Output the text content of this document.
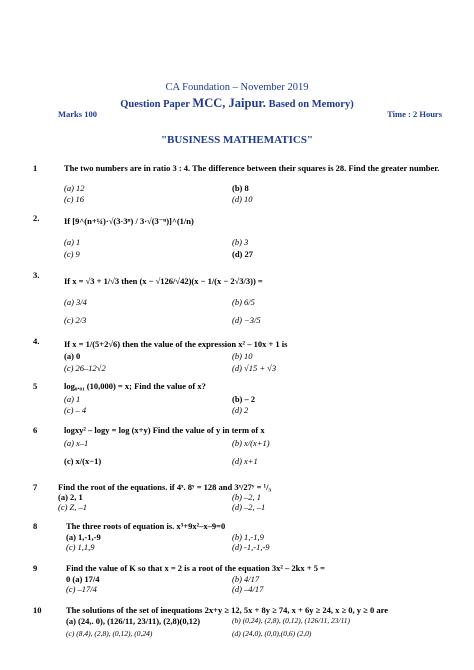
CA Foundation – November 2019
Question Paper MCC, Jaipur. Based on Memory)
Marks 100	Time : 2 Hours
"BUSINESS MATHEMATICS"
1	The two numbers are in ratio 3 : 4. The difference between their squares is 28. Find the greater number.
(a) 12	(b) 8
(c) 16	(d) 10
2.	If [9^(n+¼)·√(3·3ⁿ) / 3·√(3⁻ⁿ)]^(1/n)
(a) 1	(b) 3
(c) 9	(d) 27
3.
If x = √3 + 1/√3 then (x − √126/√42)(x − 1/(x − 2√3/3)) =
(a) 3/4	(b) 6/5
(c) 2/3	(d) −3/5
4.	If x = 1/(5+2√6) then the value of the expression x² – 10x + 1 is
(a) 0	(b) 10
(c) 26–12√2	(d) √15 + √3
5	log₀.₀₁ (10,000) = x; Find the value of x?
(a) 1	(b) – 2
(c) – 4	(d) 2
6	logxy² – logy = log (x+y) Find the value of y in term of x
(a) x–1	(b) x/(x+1)
(c) x/(x−1)	(d) x+1
7 Find the root of the equations. if 4ˣ. 8ʸ = 128 and 3ˣ/27ʸ = ¹/₃
(a) 2, 1	(b) –2, 1
(c) Z, –1	(d) –2, –1
8	The three roots of equation is. x³+9x²–x–9=0
(a) 1,-1,-9	(b) 1,-1,9
(c) 1,1,9	(d) -1,-1,-9
9	Find the value of K so that x = 2 is a root of the equation 3x² – 2kx + 5 =
0 (a) 17/4	(b) 4/17
(c) –17/4	(d) –4/17
10	The solutions of the set of inequations 2x+y ≥ 12, 5x + 8y ≥ 74, x + 6y ≥ 24, x ≥ 0, y ≥ 0 are
(a) (24,. 0), (126/11, 23/11), (2,8)(0,12)	(b) (0,24), (2,8), (0,12), (126/11, 23/11)
(c) (8,4), (2,8), (0,12), (0,24)	(d) (24,0), (0,0),(0,6) (2,0)
